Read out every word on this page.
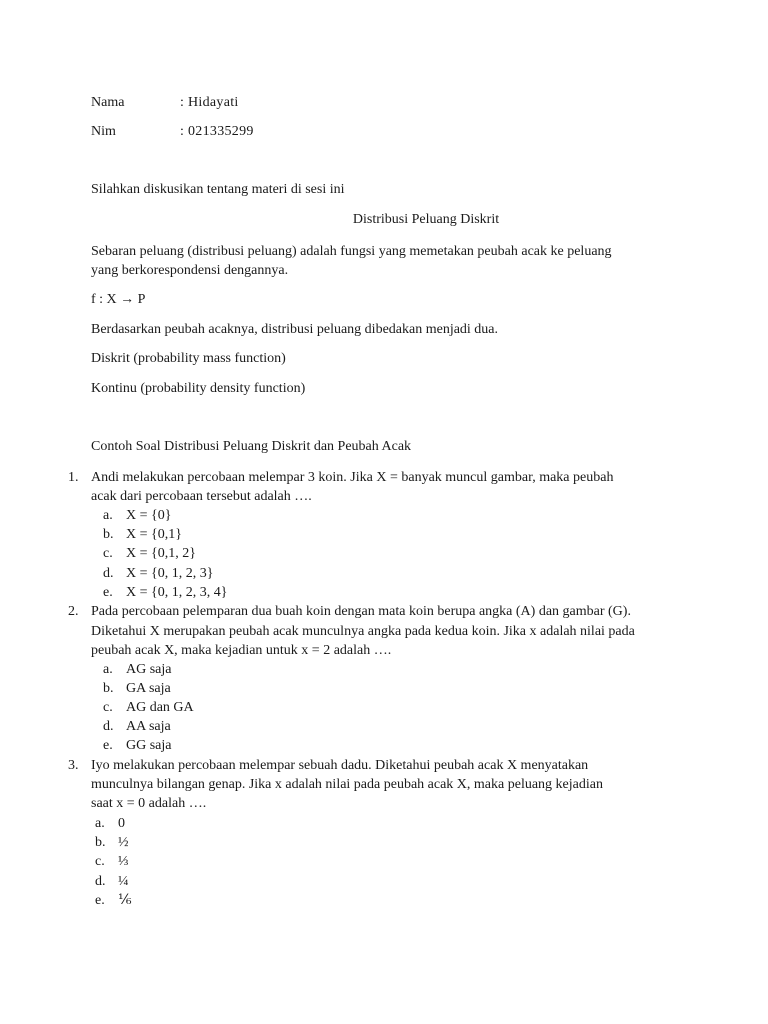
Nama	: Hidayati
Nim	: 021335299
Silahkan diskusikan tentang materi di sesi ini
Distribusi Peluang Diskrit
Sebaran peluang (distribusi peluang) adalah fungsi yang memetakan peubah acak ke peluang
yang berkorespondensi dengannya.
f : X → P
Berdasarkan peubah acaknya, distribusi peluang dibedakan menjadi dua.
Diskrit (probability mass function)
Kontinu (probability density function)
Contoh Soal Distribusi Peluang Diskrit dan Peubah Acak
1. Andi melakukan percobaan melempar 3 koin. Jika X = banyak muncul gambar, maka peubah
acak dari percobaan tersebut adalah ….
a. X = {0}
b. X = {0,1}
c. X = {0,1, 2}
d. X = {0, 1, 2, 3}
e. X = {0, 1, 2, 3, 4}
2. Pada percobaan pelemparan dua buah koin dengan mata koin berupa angka (A) dan gambar (G).
Diketahui X merupakan peubah acak munculnya angka pada kedua koin. Jika x adalah nilai pada
peubah acak X, maka kejadian untuk x = 2 adalah ….
a. AG saja
b. GA saja
c. AG dan GA
d. AA saja
e. GG saja
3. Iyo melakukan percobaan melempar sebuah dadu. Diketahui peubah acak X menyatakan
munculnya bilangan genap. Jika x adalah nilai pada peubah acak X, maka peluang kejadian
saat x = 0 adalah ….
a. 0
b. ½
c. ⅓
d. ¼
e. ⅙
